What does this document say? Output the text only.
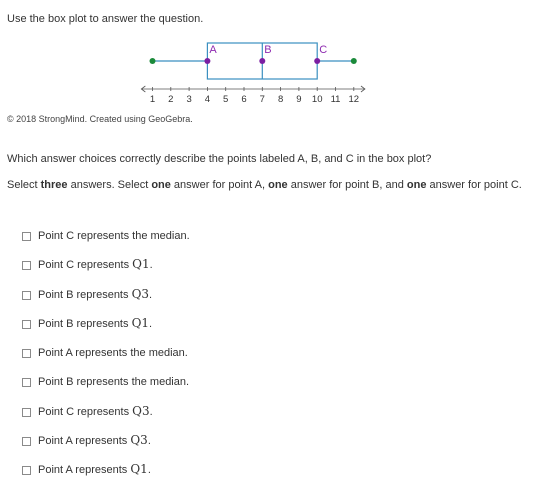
Use the box plot to answer the question.
A	B	C
1 2 3 4 5 6 7 8 9 10 11 12
© 2018 StrongMind. Created using GeoGebra.
Which answer choices correctly describe the points labeled A, B, and C in the box plot?
Select three answers. Select one answer for point A, one answer for point B, and one answer for point C.
Point C represents the median.
Point C represents Q1.
Point B represents Q3.
Point B represents Q1.
Point A represents the median.
Point B represents the median.
Point C represents Q3.
Point A represents Q3.
Point A represents Q1.
